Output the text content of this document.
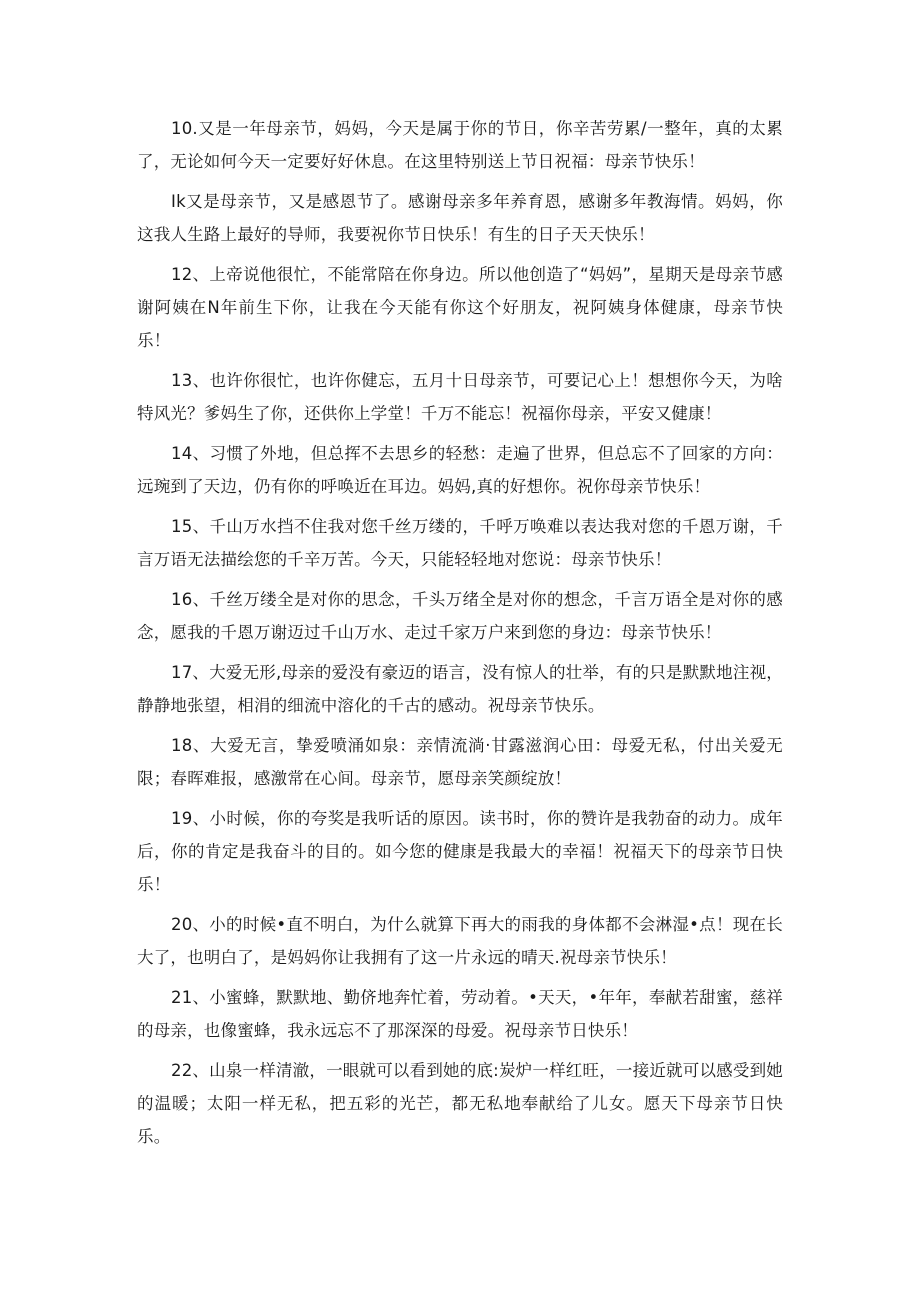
10.又是一年母亲节，妈妈，今天是属于你的节日，你辛苦劳累/一整年，真的太累了，无论如何今天一定要好好休息。在这里特别送上节日祝福：母亲节快乐！

Ik又是母亲节，又是感恩节了。感谢母亲多年养育恩，感谢多年教海情。妈妈，你这我人生路上最好的导师，我要祝你节日快乐！有生的日子天天快乐！

12、上帝说他很忙，不能常陪在你身边。所以他创造了“妈妈”，星期天是母亲节感谢阿姨在N年前生下你，让我在今天能有你这个好朋友，祝阿姨身体健康，母亲节快乐！

13、也许你很忙，也许你健忘，五月十日母亲节，可要记心上！想想你今天，为啥特风光？爹妈生了你，还供你上学堂！千万不能忘！祝福你母亲，平安又健康！

14、习惯了外地，但总挥不去思乡的轻愁：走遍了世界，但总忘不了回家的方向：远琬到了天边，仍有你的呼唤近在耳边。妈妈,真的好想你。祝你母亲节快乐！

15、千山万水挡不住我对您千丝万缕的，千呼万唤难以表达我对您的千恩万谢，千言万语无法描绘您的千辛万苦。今天，只能轻轻地对您说：母亲节快乐！

16、千丝万缕全是对你的思念，千头万绪全是对你的想念，千言万语全是对你的感念，愿我的千恩万谢迈过千山万水、走过千家万户来到您的身边：母亲节快乐！

17、大爱无形,母亲的爱没有豪迈的语言，没有惊人的壮举，有的只是默默地注视，静静地张望，相涓的细流中溶化的千古的感动。祝母亲节快乐。

18、大爱无言，挚爱喷涌如泉：亲情流淌·甘露滋润心田：母爱无私，付出关爱无限；春晖难报，感激常在心间。母亲节，愿母亲笑颜绽放！

19、小时候，你的夸奖是我听话的原因。读书时，你的赞许是我勃奋的动力。成年后，你的肯定是我奋斗的目的。如今您的健康是我最大的幸福！祝福天下的母亲节日快乐！

20、小的时候•直不明白，为什么就算下再大的雨我的身体都不会淋湿•点！现在长大了，也明白了，是妈妈你让我拥有了这一片永远的晴天.祝母亲节快乐！

21、小蜜蜂，默默地、勤侪地奔忙着，劳动着。•天天，•年年，奉献若甜蜜，慈祥的母亲，也像蜜蜂，我永远忘不了那深深的母爱。祝母亲节日快乐！

22、山泉一样清澈，一眼就可以看到她的底:炭炉一样红旺，一接近就可以感受到她的温暖；太阳一样无私，把五彩的光芒，都无私地奉献给了儿女。愿天下母亲节日快乐。
